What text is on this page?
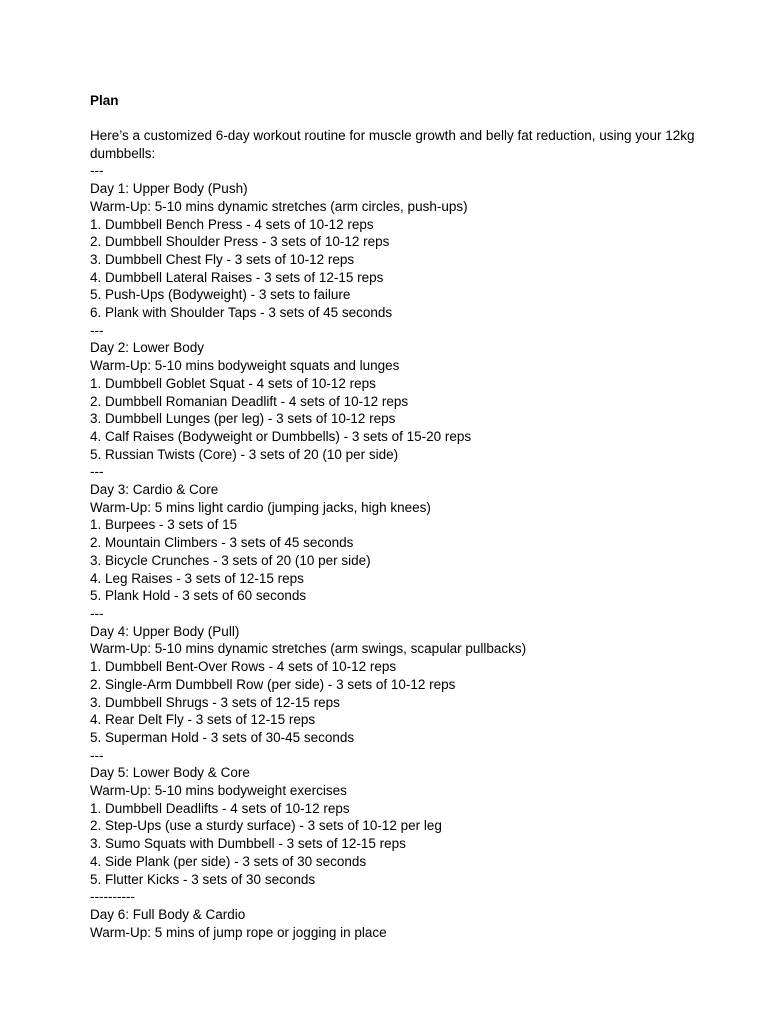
Plan
Here’s a customized 6-day workout routine for muscle growth and belly fat reduction, using your 12kg dumbbells:
---
Day 1: Upper Body (Push)
Warm-Up: 5-10 mins dynamic stretches (arm circles, push-ups)
1. Dumbbell Bench Press - 4 sets of 10-12 reps
2. Dumbbell Shoulder Press - 3 sets of 10-12 reps
3. Dumbbell Chest Fly - 3 sets of 10-12 reps
4. Dumbbell Lateral Raises - 3 sets of 12-15 reps
5. Push-Ups (Bodyweight) - 3 sets to failure
6. Plank with Shoulder Taps - 3 sets of 45 seconds
---
Day 2: Lower Body
Warm-Up: 5-10 mins bodyweight squats and lunges
1. Dumbbell Goblet Squat - 4 sets of 10-12 reps
2. Dumbbell Romanian Deadlift - 4 sets of 10-12 reps
3. Dumbbell Lunges (per leg) - 3 sets of 10-12 reps
4. Calf Raises (Bodyweight or Dumbbells) - 3 sets of 15-20 reps
5. Russian Twists (Core) - 3 sets of 20 (10 per side)
---
Day 3: Cardio & Core
Warm-Up: 5 mins light cardio (jumping jacks, high knees)
1. Burpees - 3 sets of 15
2. Mountain Climbers - 3 sets of 45 seconds
3. Bicycle Crunches - 3 sets of 20 (10 per side)
4. Leg Raises - 3 sets of 12-15 reps
5. Plank Hold - 3 sets of 60 seconds
---
Day 4: Upper Body (Pull)
Warm-Up: 5-10 mins dynamic stretches (arm swings, scapular pullbacks)
1. Dumbbell Bent-Over Rows - 4 sets of 10-12 reps
2. Single-Arm Dumbbell Row (per side) - 3 sets of 10-12 reps
3. Dumbbell Shrugs - 3 sets of 12-15 reps
4. Rear Delt Fly - 3 sets of 12-15 reps
5. Superman Hold - 3 sets of 30-45 seconds
---
Day 5: Lower Body & Core
Warm-Up: 5-10 mins bodyweight exercises
1. Dumbbell Deadlifts - 4 sets of 10-12 reps
2. Step-Ups (use a sturdy surface) - 3 sets of 10-12 per leg
3. Sumo Squats with Dumbbell - 3 sets of 12-15 reps
4. Side Plank (per side) - 3 sets of 30 seconds
5. Flutter Kicks - 3 sets of 30 seconds
----------
Day 6: Full Body & Cardio
Warm-Up: 5 mins of jump rope or jogging in place
